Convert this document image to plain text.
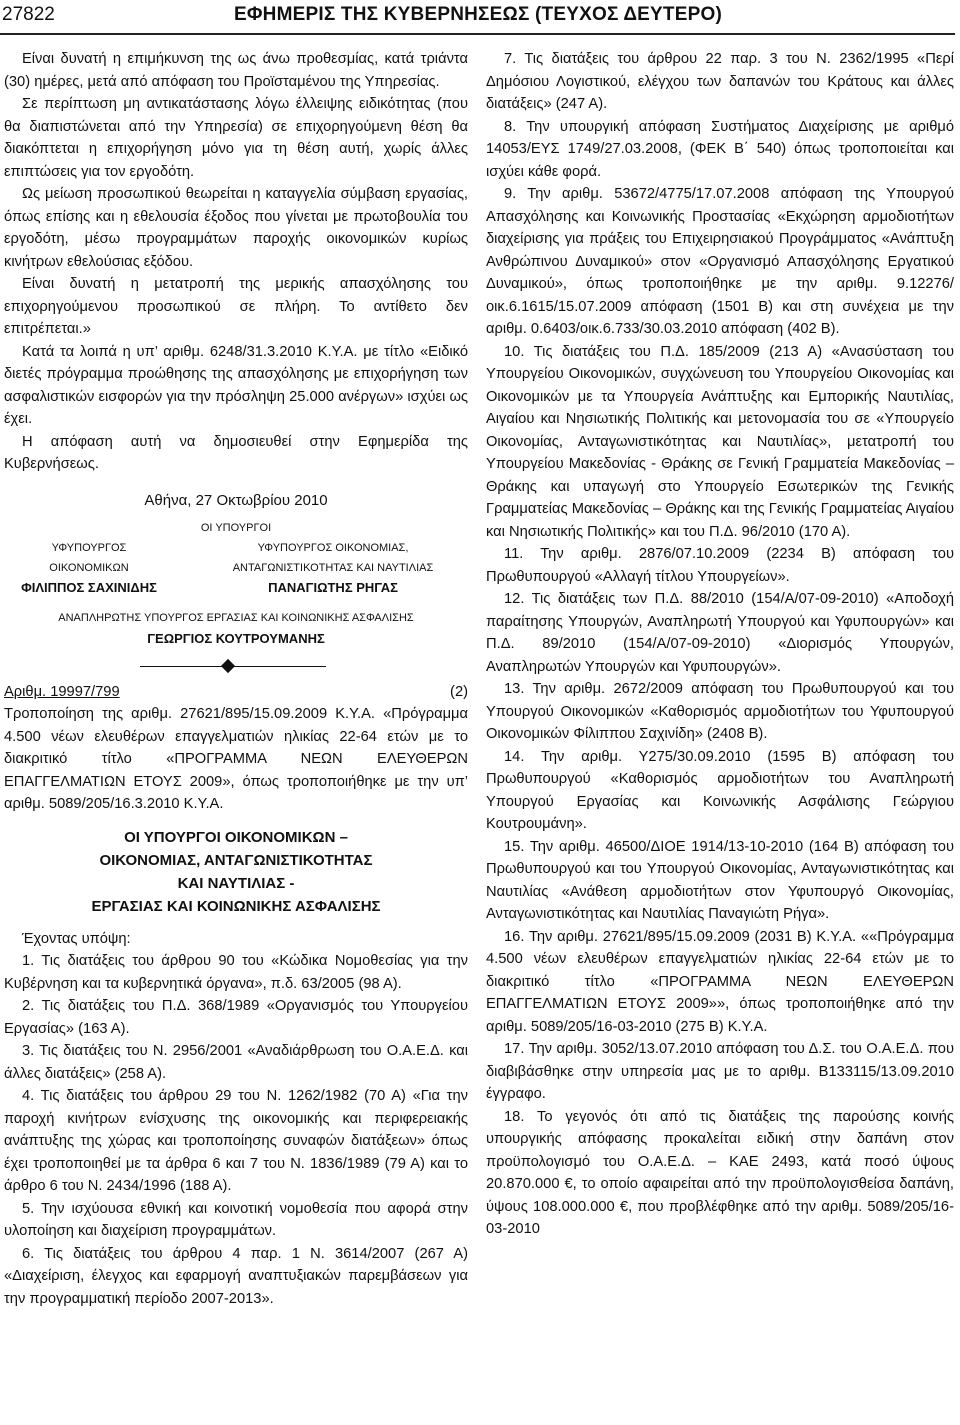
27822	ΕΦΗΜΕΡΙΣ ΤΗΣ ΚΥΒΕΡΝΗΣΕΩΣ (ΤΕΥΧΟΣ ΔΕΥΤΕΡΟ)

Είναι δυνατή η επιμήκυνση της ως άνω προθεσμίας, κατά τριάντα (30) ημέρες, μετά από απόφαση του Προϊσταμένου της Υπηρεσίας.

Σε περίπτωση μη αντικατάστασης λόγω έλλειψης ειδικότητας (που θα διαπιστώνεται από την Υπηρεσία) σε επιχορηγούμενη θέση θα διακόπτεται η επιχορήγηση μόνο για τη θέση αυτή, χωρίς άλλες επιπτώσεις για τον εργοδότη.

Ως μείωση προσωπικού θεωρείται η καταγγελία σύμβαση εργασίας, όπως επίσης και η εθελουσία έξοδος που γίνεται με πρωτοβουλία του εργοδότη, μέσω προγραμμάτων παροχής οικονομικών κυρίως κινήτρων εθελούσιας εξόδου.

Είναι δυνατή η μετατροπή της μερικής απασχόλησης του επιχορηγούμενου προσωπικού σε πλήρη. Το αντίθετο δεν επιτρέπεται.»

Κατά τα λοιπά η υπ’ αριθμ. 6248/31.3.2010 Κ.Υ.Α. με τίτλο «Ειδικό διετές πρόγραμμα προώθησης της απασχόλησης με επιχορήγηση των ασφαλιστικών εισφορών για την πρόσληψη 25.000 ανέργων» ισχύει ως έχει.

Η απόφαση αυτή να δημοσιευθεί στην Εφημερίδα της Κυβερνήσεως.

Αθήνα, 27 Οκτωβρίου 2010
ΟΙ ΥΠΟΥΡΓΟΙ
ΥΦΥΠΟΥΡΓΟΣ
ΟΙΚΟΝΟΜΙΚΩΝ
ΦΙΛΙΠΠΟΣ ΣΑΧΙΝΙΔΗΣ
ΥΦΥΠΟΥΡΓΟΣ ΟΙΚΟΝΟΜΙΑΣ,
ΑΝΤΑΓΩΝΙΣΤΙΚΟΤΗΤΑΣ ΚΑΙ ΝΑΥΤΙΛΙΑΣ
ΠΑΝΑΓΙΩΤΗΣ ΡΗΓΑΣ
ΑΝΑΠΛΗΡΩΤΗΣ ΥΠΟΥΡΓΟΣ ΕΡΓΑΣΙΑΣ ΚΑΙ ΚΟΙΝΩΝΙΚΗΣ ΑΣΦΑΛΙΣΗΣ
ΓΕΩΡΓΙΟΣ ΚΟΥΤΡΟΥΜΑΝΗΣ
Αριθμ. 19997/799	(2)

Τροποποίηση της αριθμ. 27621/895/15.09.2009 Κ.Υ.Α. «Πρόγραμμα 4.500 νέων ελευθέρων επαγγελματιών ηλικίας 22-64 ετών με το διακριτικό τίτλο «ΠΡΟΓΡΑΜΜΑ ΝΕΩΝ ΕΛΕΥΘΕΡΩΝ ΕΠΑΓΓΕΛΜΑΤΙΩΝ ΕΤΟΥΣ 2009», όπως τροποποιήθηκε με την υπ’ αριθμ. 5089/205/16.3.2010 Κ.Υ.Α.

ΟΙ ΥΠΟΥΡΓΟΙ ΟΙΚΟΝΟΜΙΚΩΝ –
ΟΙΚΟΝΟΜΙΑΣ, ΑΝΤΑΓΩΝΙΣΤΙΚΟΤΗΤΑΣ
ΚΑΙ ΝΑΥΤΙΛΙΑΣ -
ΕΡΓΑΣΙΑΣ ΚΑΙ ΚΟΙΝΩΝΙΚΗΣ ΑΣΦΑΛΙΣΗΣ

Έχοντας υπόψη:

1. Τις διατάξεις του άρθρου 90 του «Κώδικα Νομοθεσίας για την Κυβέρνηση και τα κυβερνητικά όργανα», π.δ. 63/2005 (98 Α).

2. Τις διατάξεις του Π.Δ. 368/1989 «Οργανισμός του Υπουργείου Εργασίας» (163 Α).

3. Τις διατάξεις του Ν. 2956/2001 «Αναδιάρθρωση του Ο.Α.Ε.Δ. και άλλες διατάξεις» (258 Α).

4. Τις διατάξεις του άρθρου 29 του Ν. 1262/1982 (70 Α) «Για την παροχή κινήτρων ενίσχυσης της οικονομικής και περιφερειακής ανάπτυξης της χώρας και τροποποίησης συναφών διατάξεων» όπως έχει τροποποιηθεί με τα άρθρα 6 και 7 του Ν. 1836/1989 (79 Α) και το άρθρο 6 του Ν. 2434/1996 (188 Α).

5. Την ισχύουσα εθνική και κοινοτική νομοθεσία που αφορά στην υλοποίηση και διαχείριση προγραμμάτων.

6. Τις διατάξεις του άρθρου 4 παρ. 1 Ν. 3614/2007 (267 Α) «Διαχείριση, έλεγχος και εφαρμογή αναπτυξιακών παρεμβάσεων για την προγραμματική περίοδο 2007-2013».

7. Τις διατάξεις του άρθρου 22 παρ. 3 του Ν. 2362/1995 «Περί Δημόσιου Λογιστικού, ελέγχου των δαπανών του Κράτους και άλλες διατάξεις» (247 Α).

8. Την υπουργική απόφαση Συστήματος Διαχείρισης με αριθμό 14053/ΕΥΣ 1749/27.03.2008, (ΦΕΚ Β΄ 540) όπως τροποποιείται και ισχύει κάθε φορά.

9. Την αριθμ. 53672/4775/17.07.2008 απόφαση της Υπουργού Απασχόλησης και Κοινωνικής Προστασίας «Εκχώρηση αρμοδιοτήτων διαχείρισης για πράξεις του Επιχειρησιακού Προγράμματος «Ανάπτυξη Ανθρώπινου Δυναμικού» στον «Οργανισμό Απασχόλησης Εργατικού Δυναμικού», όπως τροποποιήθηκε με την αριθμ. 9.12276/οικ.6.1615/15.07.2009 απόφαση (1501 Β) και στη συνέχεια με την αριθμ. 0.6403/οικ.6.733/30.03.2010 απόφαση (402 Β).

10. Τις διατάξεις του Π.Δ. 185/2009 (213 Α) «Ανασύσταση του Υπουργείου Οικονομικών, συγχώνευση του Υπουργείου Οικονομίας και Οικονομικών με τα Υπουργεία Ανάπτυξης και Εμπορικής Ναυτιλίας, Αιγαίου και Νησιωτικής Πολιτικής και μετονομασία του σε «Υπουργείο Οικονομίας, Ανταγωνιστικότητας και Ναυτιλίας», μετατροπή του Υπουργείου Μακεδονίας - Θράκης σε Γενική Γραμματεία Μακεδονίας – Θράκης και υπαγωγή στο Υπουργείο Εσωτερικών της Γενικής Γραμματείας Μακεδονίας – Θράκης και της Γενικής Γραμματείας Αιγαίου και Νησιωτικής Πολιτικής» και του Π.Δ. 96/2010 (170 Α).

11. Την αριθμ. 2876/07.10.2009 (2234 Β) απόφαση του Πρωθυπουργού «Αλλαγή τίτλου Υπουργείων».

12. Τις διατάξεις των Π.Δ. 88/2010 (154/Α/07-09-2010) «Αποδοχή παραίτησης Υπουργών, Αναπληρωτή Υπουργού και Υφυπουργών» και Π.Δ. 89/2010 (154/Α/07-09-2010) «Διορισμός Υπουργών, Αναπληρωτών Υπουργών και Υφυπουργών».

13. Την αριθμ. 2672/2009 απόφαση του Πρωθυπουργού και του Υπουργού Οικονομικών «Καθορισμός αρμοδιοτήτων του Υφυπουργού Οικονομικών Φίλιππου Σαχινίδη» (2408 Β).

14. Την αριθμ. Υ275/30.09.2010 (1595 Β) απόφαση του Πρωθυπουργού «Καθορισμός αρμοδιοτήτων του Αναπληρωτή Υπουργού Εργασίας και Κοινωνικής Ασφάλισης Γεώργιου Κουτρουμάνη».

15. Την αριθμ. 46500/ΔΙΟΕ 1914/13-10-2010 (164 Β) απόφαση του Πρωθυπουργού και του Υπουργού Οικονομίας, Ανταγωνιστικότητας και Ναυτιλίας «Ανάθεση αρμοδιοτήτων στον Υφυπουργό Οικονομίας, Ανταγωνιστικότητας και Ναυτιλίας Παναγιώτη Ρήγα».

16. Την αριθμ. 27621/895/15.09.2009 (2031 Β) Κ.Υ.Α. ««Πρόγραμμα 4.500 νέων ελευθέρων επαγγελματιών ηλικίας 22-64 ετών με το διακριτικό τίτλο «ΠΡΟΓΡΑΜΜΑ ΝΕΩΝ ΕΛΕΥΘΕΡΩΝ ΕΠΑΓΓΕΛΜΑΤΙΩΝ ΕΤΟΥΣ 2009»», όπως τροποποιήθηκε από την αριθμ. 5089/205/16-03-2010 (275 Β) Κ.Υ.Α.

17. Την αριθμ. 3052/13.07.2010 απόφαση του Δ.Σ. του Ο.Α.Ε.Δ. που διαβιβάσθηκε στην υπηρεσία μας με το αριθμ. Β133115/13.09.2010 έγγραφο.

18. Το γεγονός ότι από τις διατάξεις της παρούσης κοινής υπουργικής απόφασης προκαλείται ειδική στην δαπάνη στον προϋπολογισμό του Ο.Α.Ε.Δ. – ΚΑΕ 2493, κατά ποσό ύψους 20.870.000 €, το οποίο αφαιρείται από την προϋπολογισθείσα δαπάνη, ύψους 108.000.000 €, που προβλέφθηκε από την αριθμ. 5089/205/16-03-2010
